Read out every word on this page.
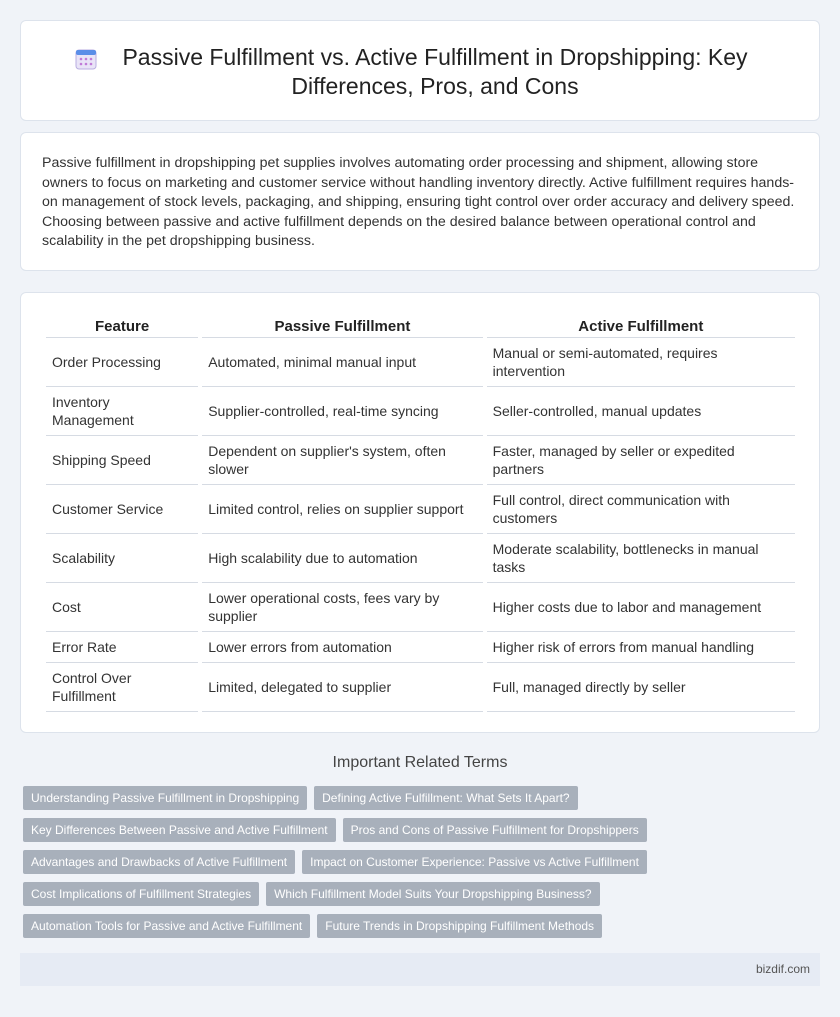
Passive Fulfillment vs. Active Fulfillment in Dropshipping: Key Differences, Pros, and Cons

Passive fulfillment in dropshipping pet supplies involves automating order processing and shipment, allowing store owners to focus on marketing and customer service without handling inventory directly. Active fulfillment requires hands-on management of stock levels, packaging, and shipping, ensuring tight control over order accuracy and delivery speed. Choosing between passive and active fulfillment depends on the desired balance between operational control and scalability in the pet dropshipping business.

Feature	Passive Fulfillment	Active Fulfillment
Order Processing	Automated, minimal manual input	Manual or semi-automated, requires intervention
Inventory Management	Supplier-controlled, real-time syncing	Seller-controlled, manual updates
Shipping Speed	Dependent on supplier's system, often slower	Faster, managed by seller or expedited partners
Customer Service	Limited control, relies on supplier support	Full control, direct communication with customers
Scalability	High scalability due to automation	Moderate scalability, bottlenecks in manual tasks
Cost	Lower operational costs, fees vary by supplier	Higher costs due to labor and management
Error Rate	Lower errors from automation	Higher risk of errors from manual handling
Control Over Fulfillment	Limited, delegated to supplier	Full, managed directly by seller
Important Related Terms
Understanding Passive Fulfillment in Dropshipping	Defining Active Fulfillment: What Sets It Apart?
Key Differences Between Passive and Active Fulfillment	Pros and Cons of Passive Fulfillment for Dropshippers
Advantages and Drawbacks of Active Fulfillment	Impact on Customer Experience: Passive vs Active Fulfillment
Cost Implications of Fulfillment Strategies	Which Fulfillment Model Suits Your Dropshipping Business?
Automation Tools for Passive and Active Fulfillment	Future Trends in Dropshipping Fulfillment Methods
bizdif.com
